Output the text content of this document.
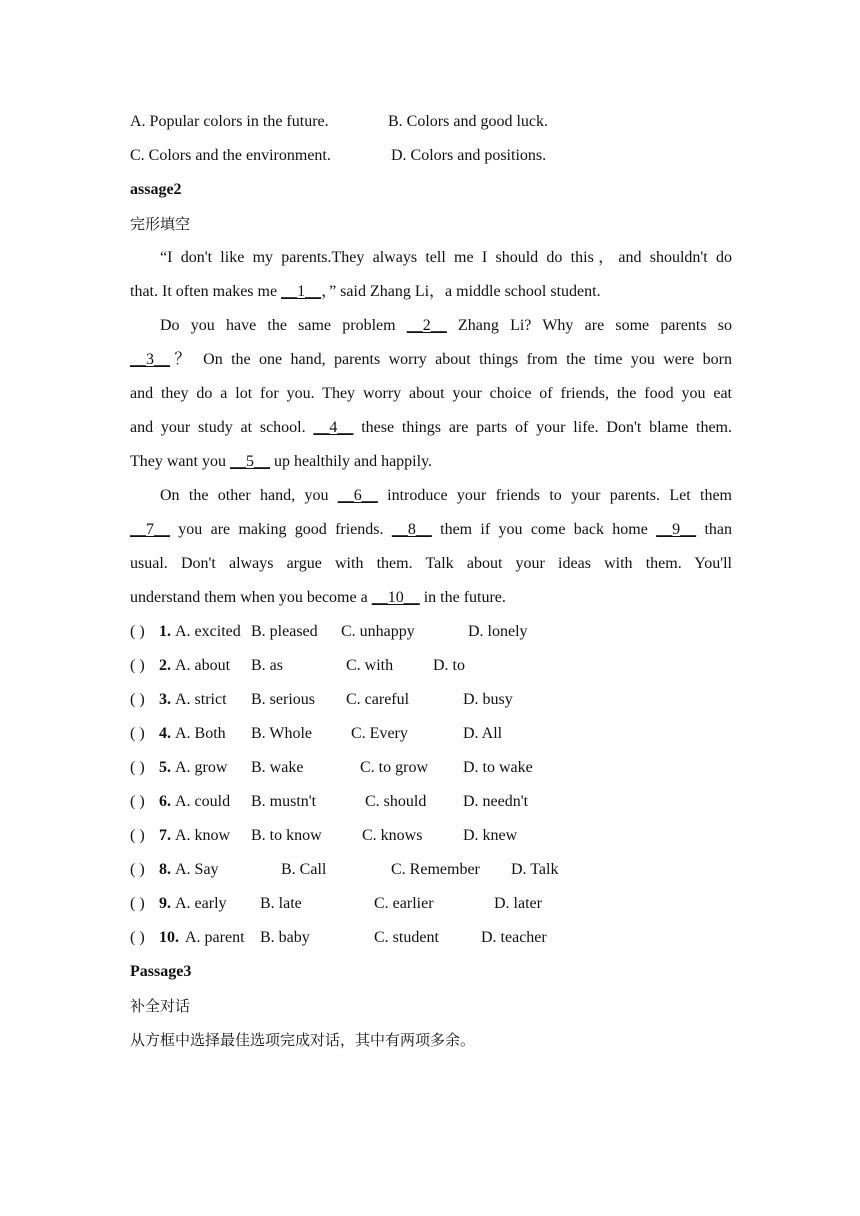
A. Popular colors in the future.	B. Colors and good luck.
C. Colors and the environment.	D. Colors and positions.
assage2
完形填空
“I don't like my parents.They always tell me I should do this，and shouldn't do
that. It often makes me __1__，” said Zhang Li，a middle school student.
Do you have the same problem __2__ Zhang Li? Why are some parents so
__3__？ On the one hand, parents worry about things from the time you were born
and they do a lot for you. They worry about your choice of friends, the food you eat
and your study at school. __4__ these things are parts of your life. Don't blame them.
They want you __5__ up healthily and happily.
On the other hand, you __6__ introduce your friends to your parents. Let them
__7__ you are making good friends. __8__ them if you come back home __9__ than
usual. Don't always argue with them. Talk about your ideas with them. You'll
understand them when you become a __10__ in the future.
( ) 1. A. excited B. pleased C. unhappy	D. lonely
( ) 2. A. about B. as	C. with D. to
( ) 3. A. strict B. serious C. careful	D. busy
( ) 4. A. Both B. Whole C. Every	D. All
( ) 5. A. grow B. wake	C. to grow D. to wake
( ) 6. A. could B. mustn't	C. should D. needn't
( ) 7. A. know B. to know	C. knows	D. knew
( ) 8. A. Say	B. Call	C. Remember D. Talk
( ) 9. A. early B. late	C. earlier	D. later
( ) 10. A. parent B. baby	C. student	D. teacher
Passage3
补全对话
从方框中选择最佳选项完成对话，其中有两项多余。
